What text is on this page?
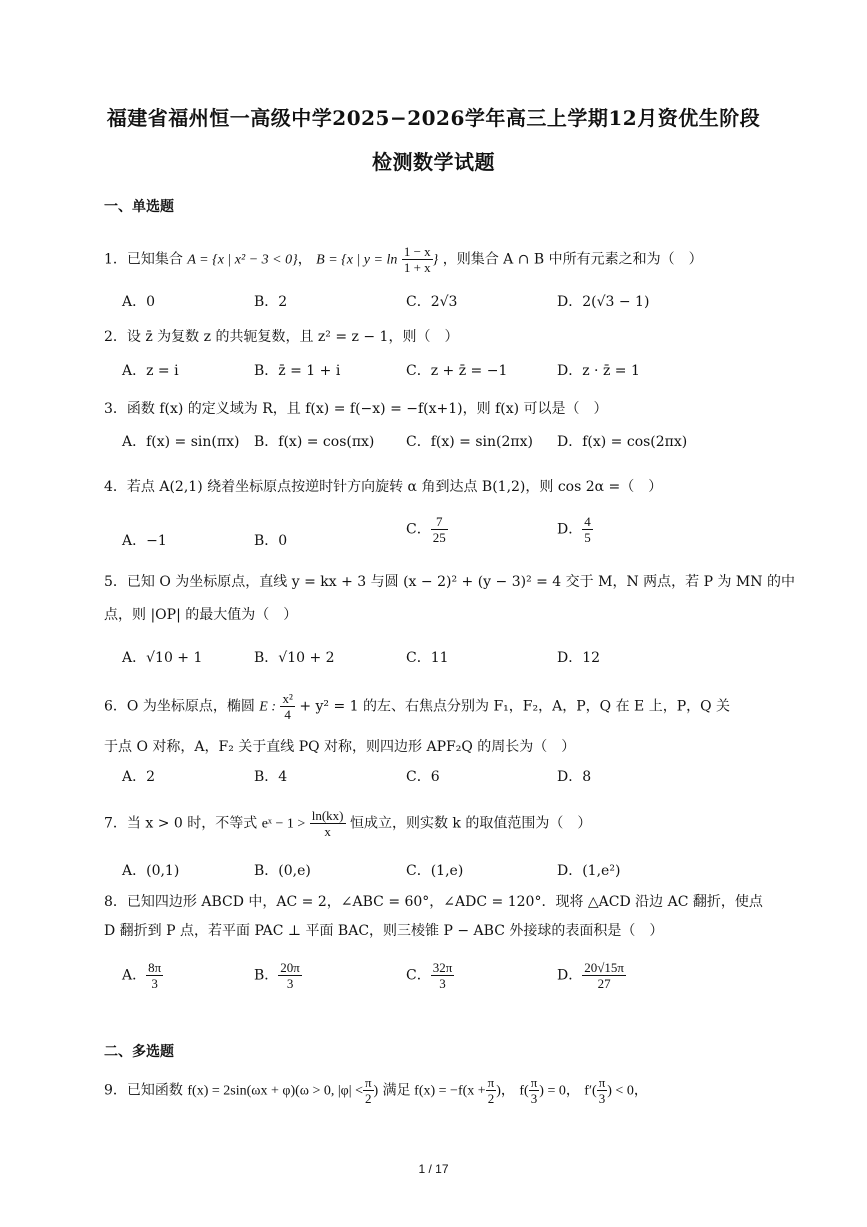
福建省福州恒一高级中学2025−2026学年高三上学期12月资优生阶段
检测数学试题
一、单选题
1．已知集合 A = {x | x² − 3 < 0}， B = {x | $y = \ln \frac{1 - x}{1 + x}$ } ，则集合 A ∩ B 中所有元素之和为（　）
A．0	B．2	C．2√3	D．2(√3 − 1)
2．设 z̄ 为复数 z 的共轭复数，且 z² = z − 1，则（　）
A．z = i	B．z̄ = 1 + i	C．z + z̄ = −1	D．z · z̄ = 1
3．函数 f(x) 的定义域为 R，且 f(x) = f(−x) = −f(x+1)，则 f(x) 可以是（　）
A．f(x) = sin(πx) B．f(x) = cos(πx) C．f(x) = sin(2πx) D．f(x) = cos(2πx)
4．若点 A(2,1) 绕着坐标原点按逆时针方向旋转 α 角到达点 B(1,2)，则 cos 2α =（　）
A．−1	B．0
C． $\frac{7}{25}$	D． $\frac{4}{5}$
5．已知 O 为坐标原点，直线 y = kx + 3 与圆 (x − 2)² + (y − 3)² = 4 交于 M，N 两点，若 P 为 MN 的中
点，则 |OP| 的最大值为（　）
A．√10 + 1	B．√10 + 2	C．11	D．12
6．O 为坐标原点，椭圆 E : $\frac{\text{x²}}{4} + y^2 = 1$ 的左、右焦点分别为 F₁，F₂，A，P，Q 在 E 上，P，Q 关
于点 O 对称，A，F₂ 关于直线 PQ 对称，则四边形 APF₂Q 的周长为（　）
A．2	B．4	C．6	D．8
7．当 x > 0 时，不等式 eˣ − $1 > \frac{\ln(kx)}{x}$ 恒成立，则实数 k 的取值范围为（　）
A．(0,1)	B．(0,e)	C．(1,e)	D．(1,e²)
8．已知四边形 ABCD 中，AC = 2，∠ABC = 60°，∠ADC = 120°．现将 △ACD 沿边 AC 翻折，使点
D 翻折到 P 点，若平面 PAC ⊥ 平面 BAC，则三棱锥 P − ABC 外接球的表面积是（　）
A． $\frac{8\pi}{3}$	B． $\frac{20\pi}{3}$	C． $\frac{32\pi}{3}$	D． $\frac{20√15\pi}{27}$
二、多选题
9．已知函数 f(x) = 2sin(ωx + φ)(ω > 0, $|\varphi| < \frac{\pi}{2}$ ) 满足 $f(x) = -f(x + \frac{\pi}{2}$ )， $f( \frac{\pi}{3}$ ) = 0， $f'( \frac{\pi}{3}$ ) < 0，
1 / 17
